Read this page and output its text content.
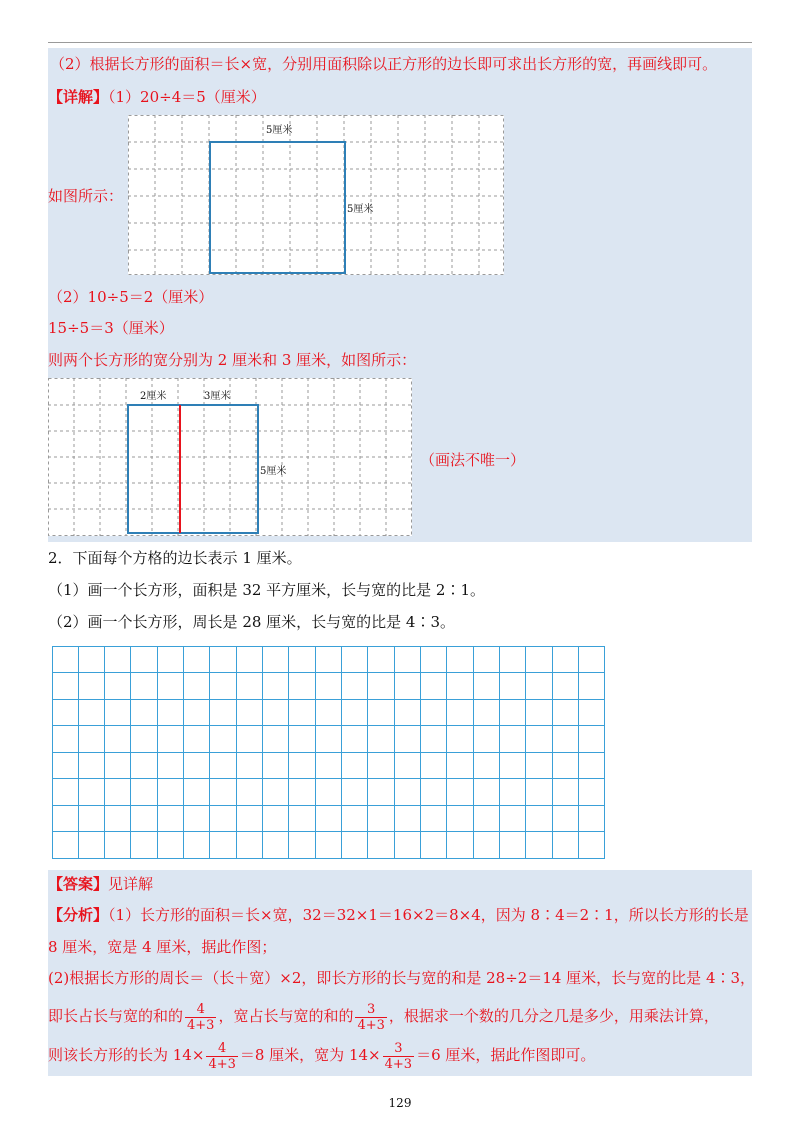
（2）根据长方形的面积＝长×宽，分别用面积除以正方形的边长即可求出长方形的宽，再画线即可。
【详解】（1）20÷4＝5（厘米）
如图所示：
5厘米
5厘米
（2）10÷5＝2（厘米）
15÷5＝3（厘米）
则两个长方形的宽分别为 2 厘米和 3 厘米，如图所示：
2厘米	3厘米
5厘米
（画法不唯一）
2．下面每个方格的边长表示 1 厘米。
（1）画一个长方形，面积是 32 平方厘米，长与宽的比是 2∶1。
（2）画一个长方形，周长是 28 厘米，长与宽的比是 4∶3。
【答案】见详解
【分析】（1）长方形的面积＝长×宽，32＝32×1＝16×2＝8×4，因为 8∶4＝2∶1，所以长方形的长是
8 厘米，宽是 4 厘米，据此作图；
(2)根据长方形的周长＝（长＋宽）×2，即长方形的长与宽的和是 28÷2＝14 厘米，长与宽的比是 4∶3，
即长占长与宽的和的 $\frac{4}{4+3}$ ，宽占长与宽的和的 $\frac{3}{4+3}$ ，根据求一个数的几分之几是多少，用乘法计算，
则该长方形的长为 $14\times \frac{4}{4+3} =8$ 厘米，宽为 $14\times \frac{3}{4+3} =6$ 厘米，据此作图即可。
129
